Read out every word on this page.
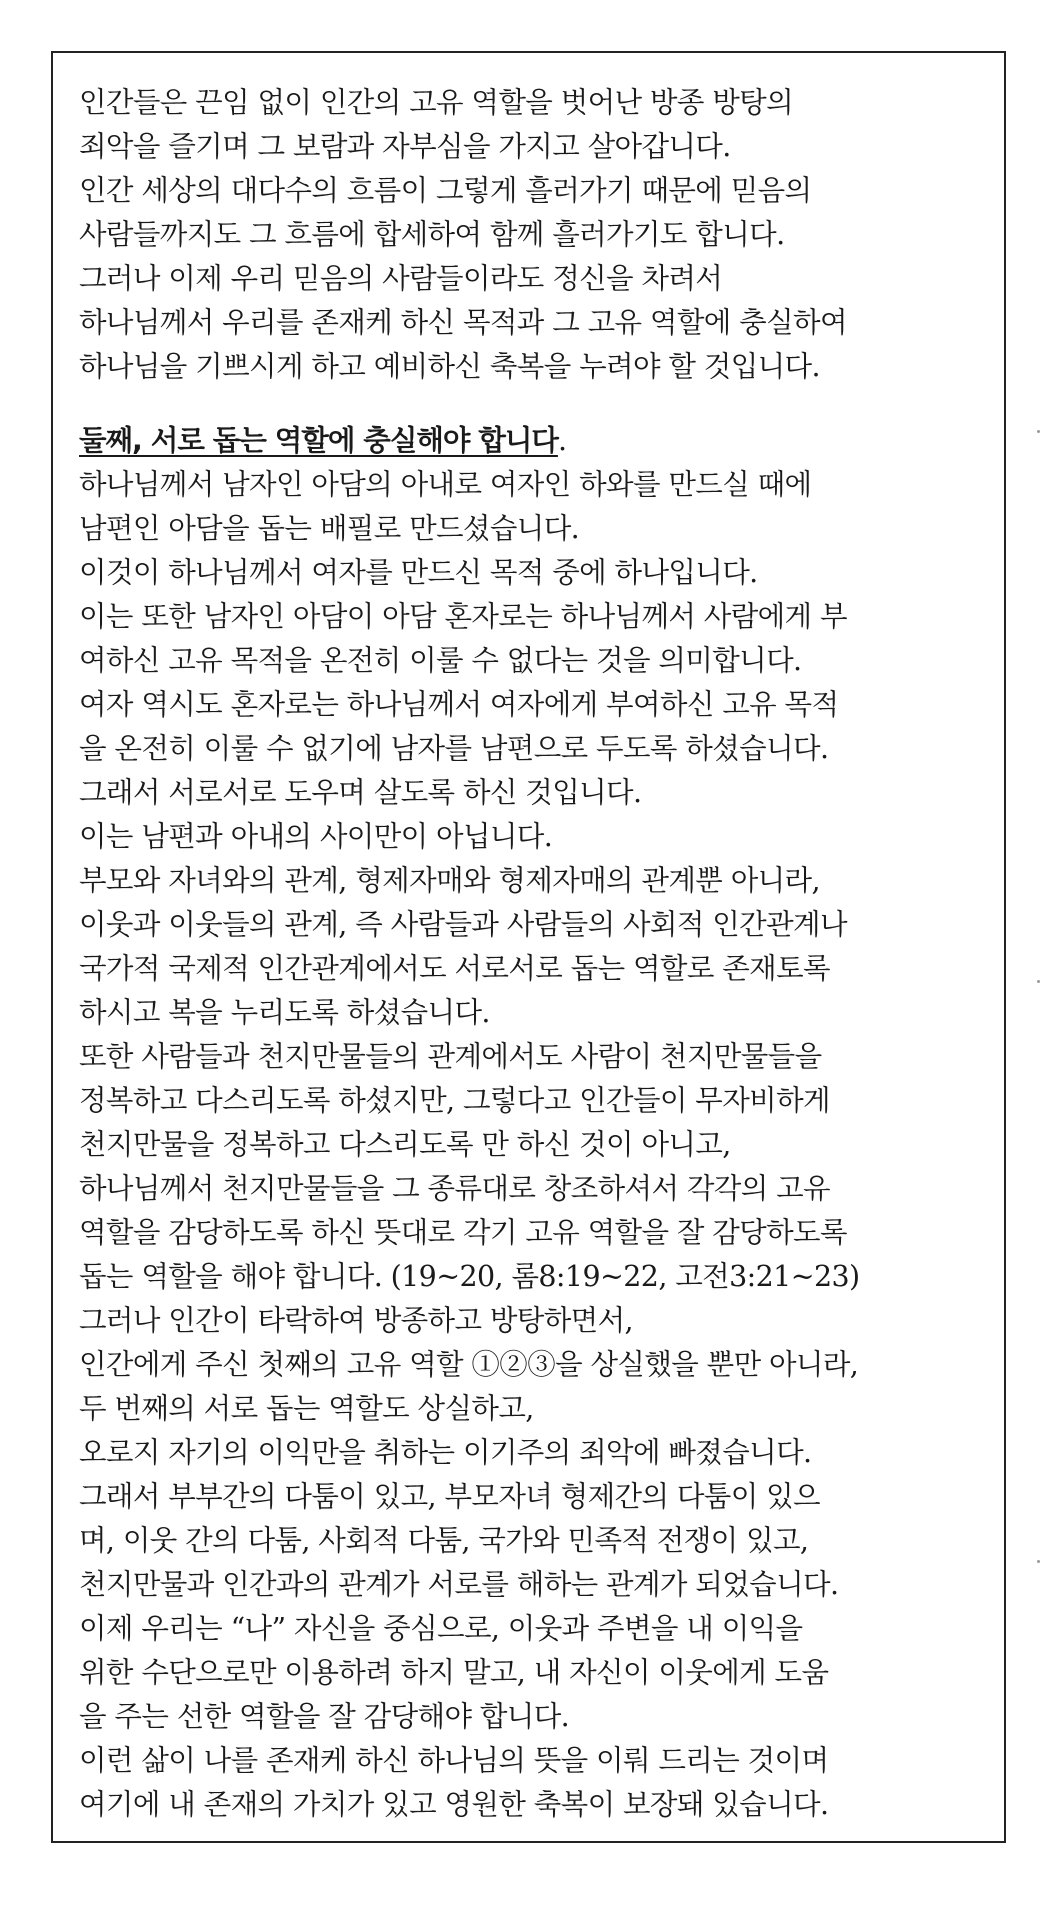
인간들은 끈임 없이 인간의 고유 역할을 벗어난 방종 방탕의
죄악을 즐기며 그 보람과 자부심을 가지고 살아갑니다.
인간 세상의 대다수의 흐름이 그렇게 흘러가기 때문에 믿음의
사람들까지도 그 흐름에 합세하여 함께 흘러가기도 합니다.
그러나 이제 우리 믿음의 사람들이라도 정신을 차려서
하나님께서 우리를 존재케 하신 목적과 그 고유 역할에 충실하여
하나님을 기쁘시게 하고 예비하신 축복을 누려야 할 것입니다.
둘째, 서로 돕는 역할에 충실해야 합니다.
하나님께서 남자인 아담의 아내로 여자인 하와를 만드실 때에
남편인 아담을 돕는 배필로 만드셨습니다.
이것이 하나님께서 여자를 만드신 목적 중에 하나입니다.
이는 또한 남자인 아담이 아담 혼자로는 하나님께서 사람에게 부
여하신 고유 목적을 온전히 이룰 수 없다는 것을 의미합니다.
여자 역시도 혼자로는 하나님께서 여자에게 부여하신 고유 목적
을 온전히 이룰 수 없기에 남자를 남편으로 두도록 하셨습니다.
그래서 서로서로 도우며 살도록 하신 것입니다.
이는 남편과 아내의 사이만이 아닙니다.
부모와 자녀와의 관계, 형제자매와 형제자매의 관계뿐 아니라,
이웃과 이웃들의 관계, 즉 사람들과 사람들의 사회적 인간관계나
국가적 국제적 인간관계에서도 서로서로 돕는 역할로 존재토록
하시고 복을 누리도록 하셨습니다.
또한 사람들과 천지만물들의 관계에서도 사람이 천지만물들을
정복하고 다스리도록 하셨지만, 그렇다고 인간들이 무자비하게
천지만물을 정복하고 다스리도록 만 하신 것이 아니고,
하나님께서 천지만물들을 그 종류대로 창조하셔서 각각의 고유
역할을 감당하도록 하신 뜻대로 각기 고유 역할을 잘 감당하도록
돕는 역할을 해야 합니다. (19~20, 롬8:19~22, 고전3:21~23)
그러나 인간이 타락하여 방종하고 방탕하면서,
인간에게 주신 첫째의 고유 역할 ①②③을 상실했을 뿐만 아니라,
두 번째의 서로 돕는 역할도 상실하고,
오로지 자기의 이익만을 취하는 이기주의 죄악에 빠졌습니다.
그래서 부부간의 다툼이 있고, 부모자녀 형제간의 다툼이 있으
며, 이웃 간의 다툼, 사회적 다툼, 국가와 민족적 전쟁이 있고,
천지만물과 인간과의 관계가 서로를 해하는 관계가 되었습니다.
이제 우리는 “나” 자신을 중심으로, 이웃과 주변을 내 이익을
위한 수단으로만 이용하려 하지 말고, 내 자신이 이웃에게 도움
을 주는 선한 역할을 잘 감당해야 합니다.
이런 삶이 나를 존재케 하신 하나님의 뜻을 이뤄 드리는 것이며
여기에 내 존재의 가치가 있고 영원한 축복이 보장돼 있습니다.
